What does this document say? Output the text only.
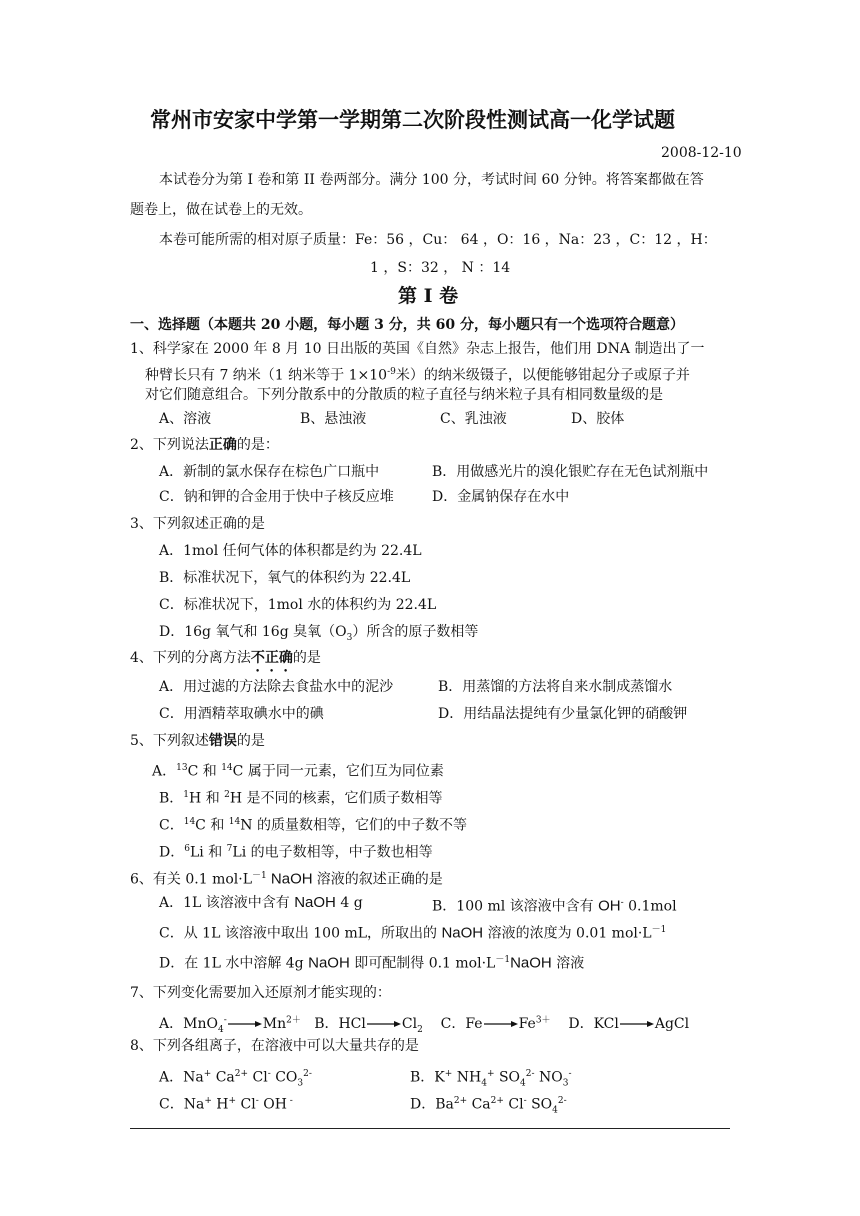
常州市安家中学第一学期第二次阶段性测试高一化学试题
2008-12-10
本试卷分为第 I 卷和第 II 卷两部分。满分 100 分，考试时间 60 分钟。将答案都做在答
题卷上，做在试卷上的无效。
本卷可能所需的相对原子质量：Fe：56 ，Cu： 64 ，O：16 ，Na：23 ，C：12 ，H：
1 ，S：32 ， N ：14
第 I 卷
一、选择题（本题共 20 小题，每小题 3 分，共 60 分，每小题只有一个选项符合题意）
1、科学家在 2000 年 8 月 10 日出版的英国《自然》杂志上报告，他们用 DNA 制造出了一
种臂长只有 7 纳米（1 纳米等于 $1\times 10^{-9}$米）的纳米级镊子，以便能够钳起分子或原子并
对它们随意组合。下列分散系中的分散质的粒子直径与纳米粒子具有相同数量级的是
A、溶液	B、悬浊液	C、乳浊液	D、胶体
2、下列说法正确的是：
A．新制的氯水保存在棕色广口瓶中	B．用做感光片的溴化银贮存在无色试剂瓶中
C．钠和钾的合金用于快中子核反应堆	D．金属钠保存在水中
3、下列叙述正确的是
A．1mol 任何气体的体积都是约为 22.4L
B．标准状况下，氧气的体积约为 22.4L
C．标准状况下，1mol 水的体积约为 22.4L
D．16g 氧气和 16g 臭氧$(O_3)$所含的原子数相等
4、下列的分离方法不正确的是
A．用过滤的方法除去食盐水中的泥沙	B．用蒸馏的方法将自来水制成蒸馏水
C．用酒精萃取碘水中的碘	D．用结晶法提纯有少量氯化钾的硝酸钾
5、下列叙述错误的是
A．$^{13}$C 和 $^{14}$C 属于同一元素，它们互为同位素
B．$^1$H 和 $^2$H 是不同的核素，它们质子数相等
C．$^{14}$C 和 $^{14}$N 的质量数相等，它们的中子数不等
D．$^6$Li 和 $^7$Li 的电子数相等，中子数也相等
6、有关 0.1 $mol\cdot L^{-1}$ NaOH 溶液的叙述正确的是
A．1L 该溶液中含有 NaOH 4 g	B．100 ml 该溶液中含有 OH- 0.1mol
C．从 1L 该溶液中取出 100 mL，所取出的 NaOH 溶液的浓度为 0.01 $mol\cdot L^{-1}$
D．在 1L 水中溶解 4g NaOH 即可配制得 0.1 $mol\cdot L^{-1}NaOH$ 溶液
7、下列变化需要加入还原剂才能实现的：
A．$MnO_4^-\to Mn^{2+}$ B．$HCl\to Cl_2$ C．$Fe\to Fe^{3+}$ D．KCl→AgCl
8、下列各组离子，在溶液中可以大量共存的是
A．Na+ $Ca^{2+}$ Cl- $CO_3^{2-}$	B．K+ $NH_4^+$ $SO_4^{2-}$ $NO_3^-$
C．Na+ H+ Cl- OH -	D．$Ba^{2+}$ $Ca^{2+}$ Cl- $SO_4^{2-}$
